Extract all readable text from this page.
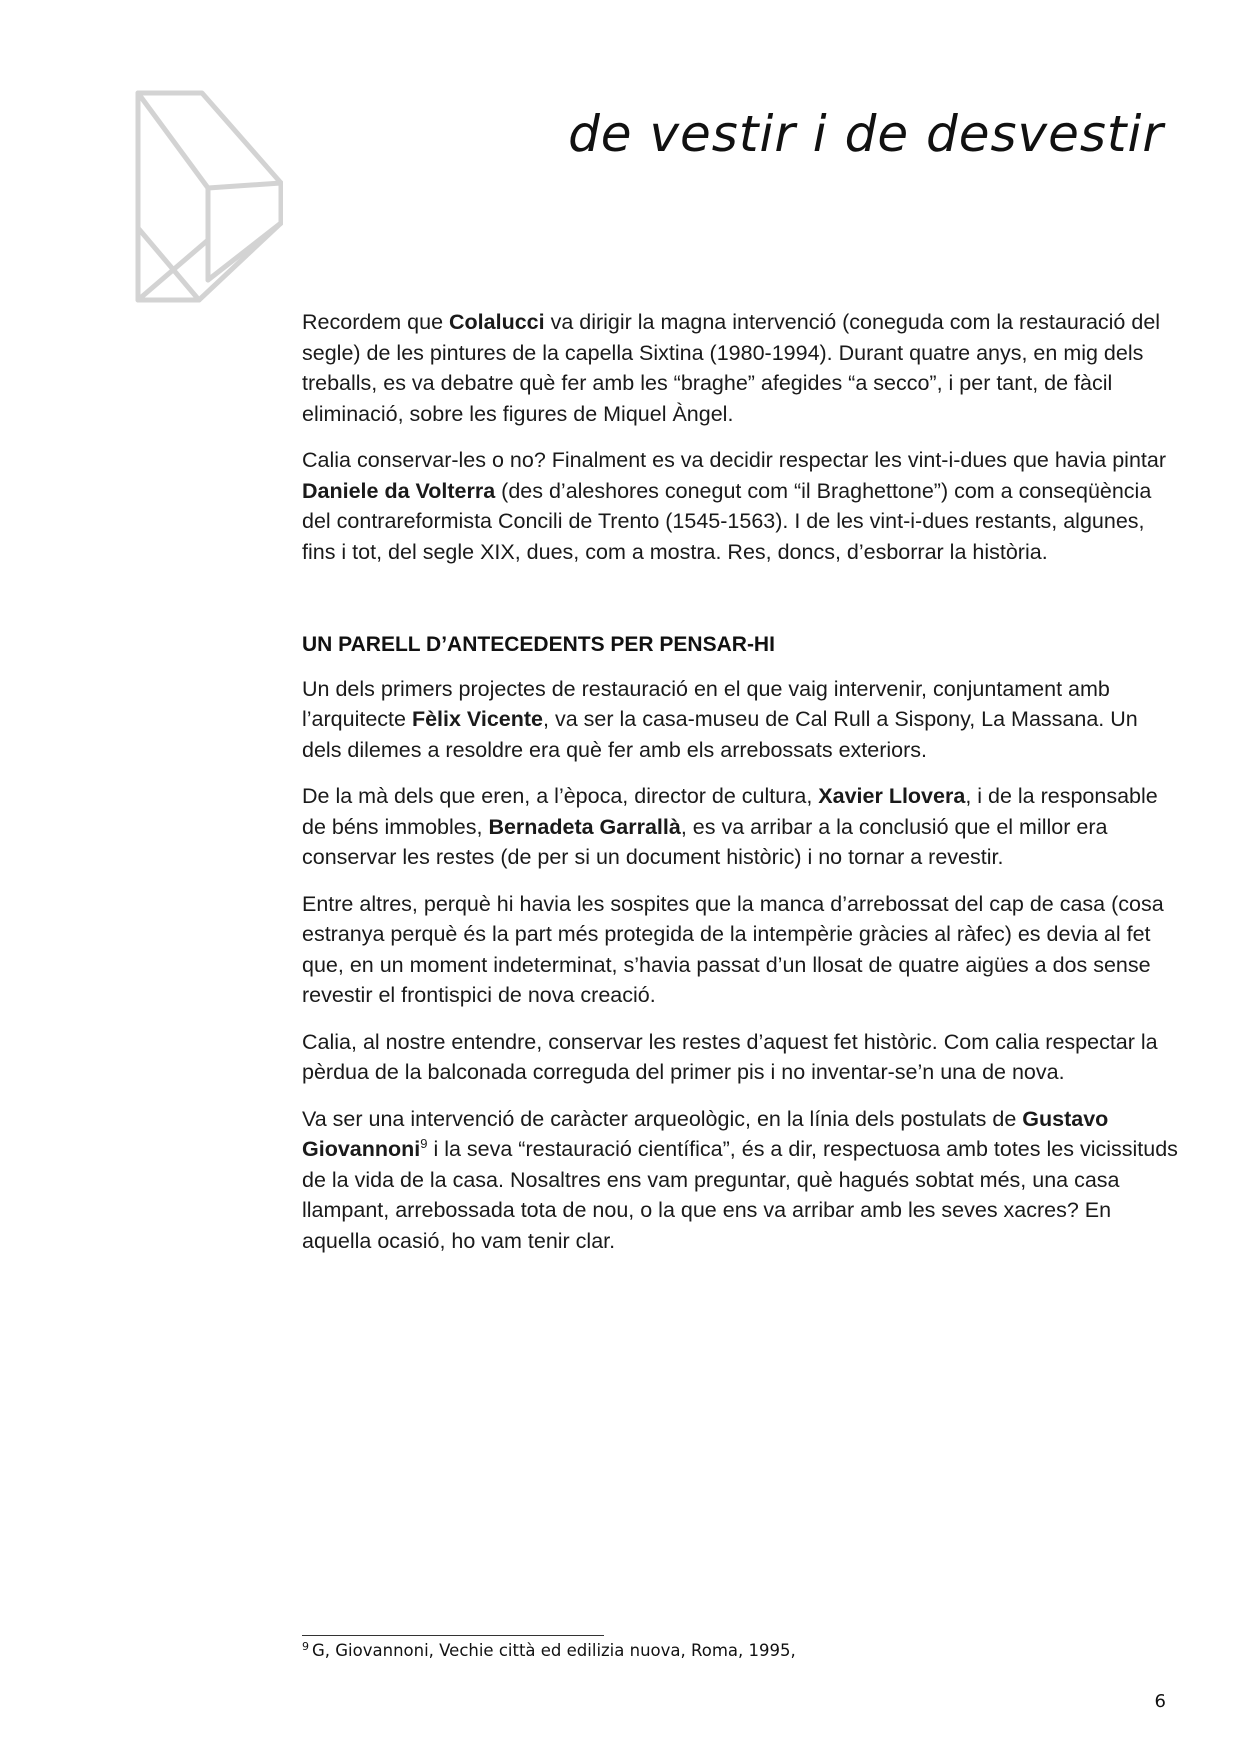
de vestir i de desvestir

Recordem que Colalucci va dirigir la magna intervenció (coneguda com la restauració del segle) de les pintures de la capella Sixtina (1980-1994). Durant quatre anys, en mig dels treballs, es va debatre què fer amb les “braghe” afegides “a secco”, i per tant, de fàcil eliminació, sobre les figures de Miquel Àngel.

Calia conservar-les o no? Finalment es va decidir respectar les vint-i-dues que havia pintar Daniele da Volterra (des d’aleshores conegut com “il Braghettone”) com a conseqüència del contrareformista Concili de Trento (1545-1563). I de les vint-i-dues restants, algunes, fins i tot, del segle XIX, dues, com a mostra. Res, doncs, d’esborrar la història.

UN PARELL D’ANTECEDENTS PER PENSAR-HI

Un dels primers projectes de restauració en el que vaig intervenir, conjuntament amb l’arquitecte Fèlix Vicente, va ser la casa-museu de Cal Rull a Sispony, La Massana. Un dels dilemes a resoldre era què fer amb els arrebossats exteriors.

De la mà dels que eren, a l’època, director de cultura, Xavier Llovera, i de la responsable de béns immobles, Bernadeta Garrallà, es va arribar a la conclusió que el millor era conservar les restes (de per si un document històric) i no tornar a revestir.

Entre altres, perquè hi havia les sospites que la manca d’arrebossat del cap de casa (cosa estranya perquè és la part més protegida de la intempèrie gràcies al ràfec) es devia al fet que, en un moment indeterminat, s’havia passat d’un llosat de quatre aigües a dos sense revestir el frontispici de nova creació.

Calia, al nostre entendre, conservar les restes d’aquest fet històric. Com calia respectar la pèrdua de la balconada correguda del primer pis i no inventar-se’n una de nova.

Va ser una intervenció de caràcter arqueològic, en la línia dels postulats de Gustavo Giovannoni$^9$ i la seva “restauració científica”, és a dir, respectuosa amb totes les vicissituds de la vida de la casa. Nosaltres ens vam preguntar, què hagués sobtat més, una casa llampant, arrebossada tota de nou, o la que ens va arribar amb les seves xacres? En aquella ocasió, ho vam tenir clar.

$^9$ G, Giovannoni, Vechie città ed edilizia nuova, Roma, 1995,
6
